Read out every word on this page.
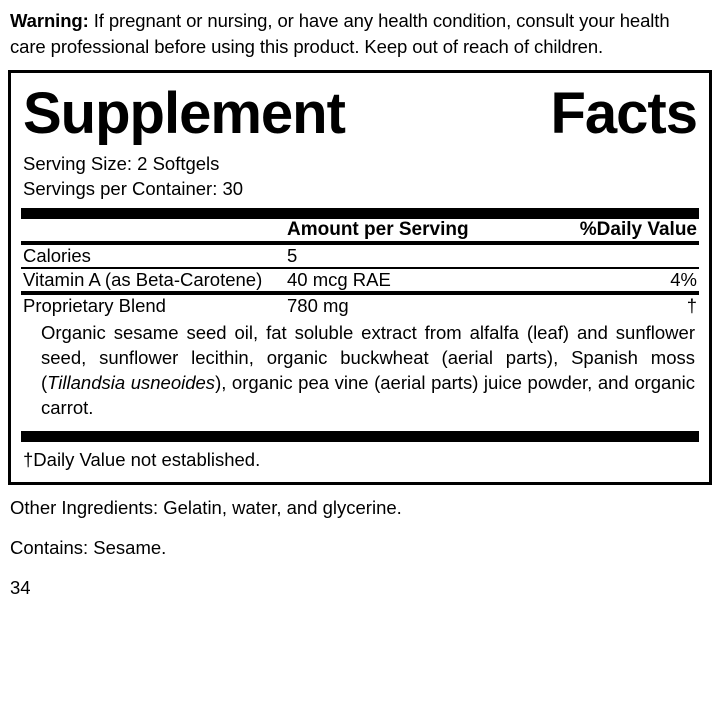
Warning: If pregnant or nursing, or have any health condition, consult your health care professional before using this product. Keep out of reach of children.
Supplement	Facts
Serving Size: 2 Softgels
Servings per Container: 30
	Amount per Serving	%Daily Value
Calories	5	

Vitamin A (as Beta-Carotene)	40 mcg RAE	4%
Proprietary Blend	780 mg	†
Organic sesame seed oil, fat soluble extract from alfalfa (leaf) and sunflower seed, sunflower lecithin, organic buckwheat (aerial parts), Spanish moss (Tillandsia usneoides), organic pea vine (aerial parts) juice powder, and organic carrot.
†Daily Value not established.

Other Ingredients: Gelatin, water, and glycerine.

Contains: Sesame.

34
